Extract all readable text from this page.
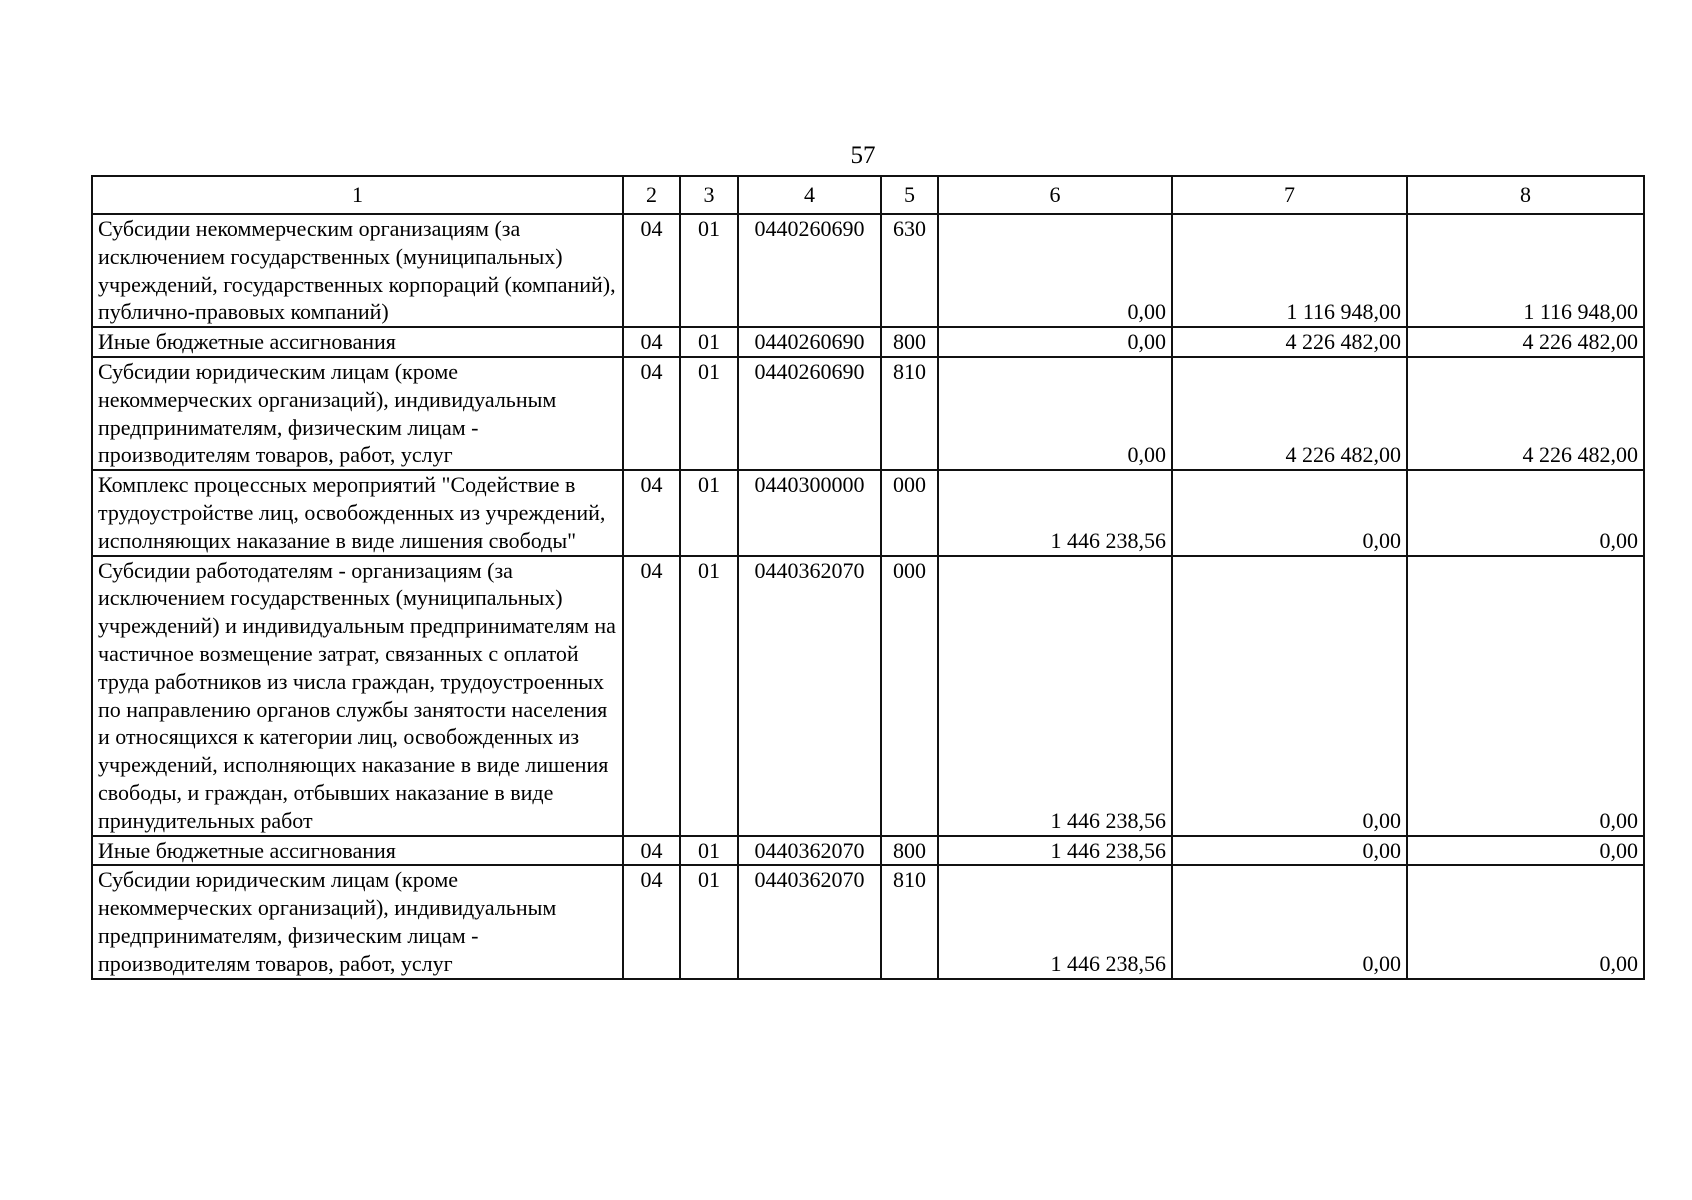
57
1	2	3	4	5	6	7	8
Субсидии некоммерческим организациям (за исключением государственных (муниципальных) учреждений, государственных корпораций (компаний), публично-правовых компаний)	04	01	0440260690	630	0,00	1 116 948,00	1 116 948,00
Иные бюджетные ассигнования	04	01	0440260690	800	0,00	4 226 482,00	4 226 482,00
Субсидии юридическим лицам (кроме некоммерческих организаций), индивидуальным предпринимателям, физическим лицам - производителям товаров, работ, услуг	04	01	0440260690	810	0,00	4 226 482,00	4 226 482,00
Комплекс процессных мероприятий "Содействие в трудоустройстве лиц, освобожденных из учреждений, исполняющих наказание в виде лишения свободы"	04	01	0440300000	000	1 446 238,56	0,00	0,00
Субсидии работодателям - организациям (за исключением государственных (муниципальных) учреждений) и индивидуальным предпринимателям на частичное возмещение затрат, связанных с оплатой труда работников из числа граждан, трудоустроенных по направлению органов службы занятости населения и относящихся к категории лиц, освобожденных из учреждений, исполняющих наказание в виде лишения свободы, и граждан, отбывших наказание в виде принудительных работ	04	01	0440362070	000	1 446 238,56	0,00	0,00
Иные бюджетные ассигнования	04	01	0440362070	800	1 446 238,56	0,00	0,00
Субсидии юридическим лицам (кроме некоммерческих организаций), индивидуальным предпринимателям, физическим лицам - производителям товаров, работ, услуг	04	01	0440362070	810	1 446 238,56	0,00	0,00
